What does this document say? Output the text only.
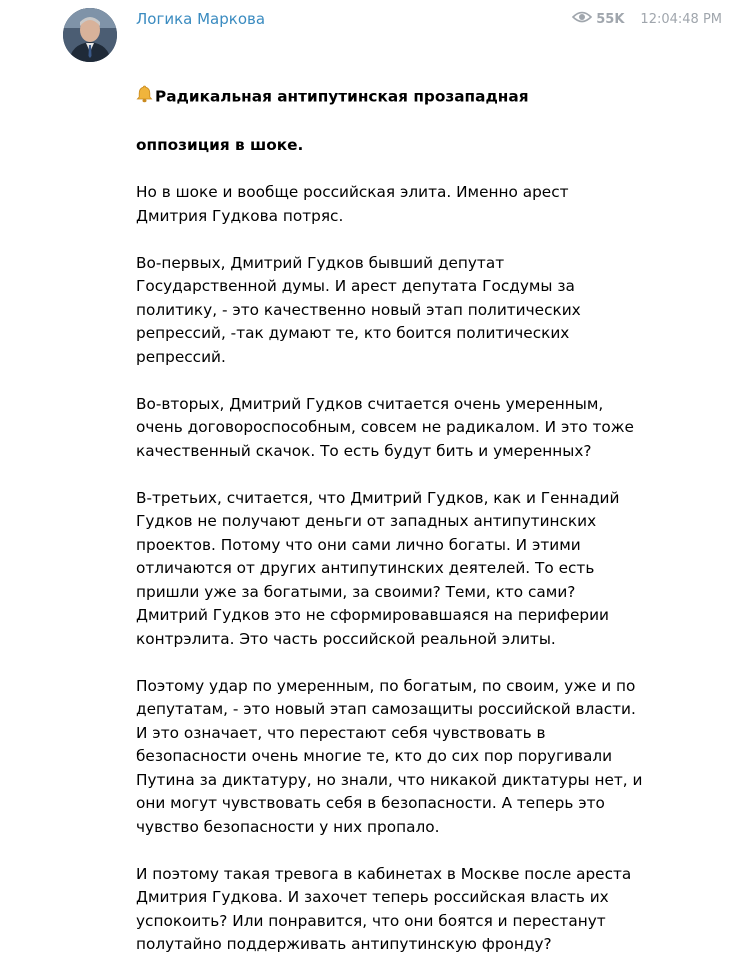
Логика Маркова	55K 12:04:48 PM

Радикальная антипутинская прозападная

оппозиция в шоке.

Но в шоке и вообще российская элита. Именно арест
Дмитрия Гудкова потряс.

Во-первых, Дмитрий Гудков бывший депутат
Государственной думы. И арест депутата Госдумы за
политику, - это качественно новый этап политических
репрессий, -так думают те, кто боится политических
репрессий.

Во-вторых, Дмитрий Гудков считается очень умеренным,
очень договороспособным, совсем не радикалом. И это тоже
качественный скачок. То есть будут бить и умеренных?

В-третьих, считается, что Дмитрий Гудков, как и Геннадий
Гудков не получают деньги от западных антипутинских
проектов. Потому что они сами лично богаты. И этими
отличаются от других антипутинских деятелей. То есть
пришли уже за богатыми, за своими? Теми, кто сами?
Дмитрий Гудков это не сформировавшаяся на периферии
контрэлита. Это часть российской реальной элиты.

Поэтому удар по умеренным, по богатым, по своим, уже и по
депутатам, - это новый этап самозащиты российской власти.
И это означает, что перестают себя чувствовать в
безопасности очень многие те, кто до сих пор поругивали
Путина за диктатуру, но знали, что никакой диктатуры нет, и
они могут чувствовать себя в безопасности. А теперь это
чувство безопасности у них пропало.

И поэтому такая тревога в кабинетах в Москве после ареста
Дмитрия Гудкова. И захочет теперь российская власть их
успокоить? Или понравится, что они боятся и перестанут
полутайно поддерживать антипутинскую фронду?
